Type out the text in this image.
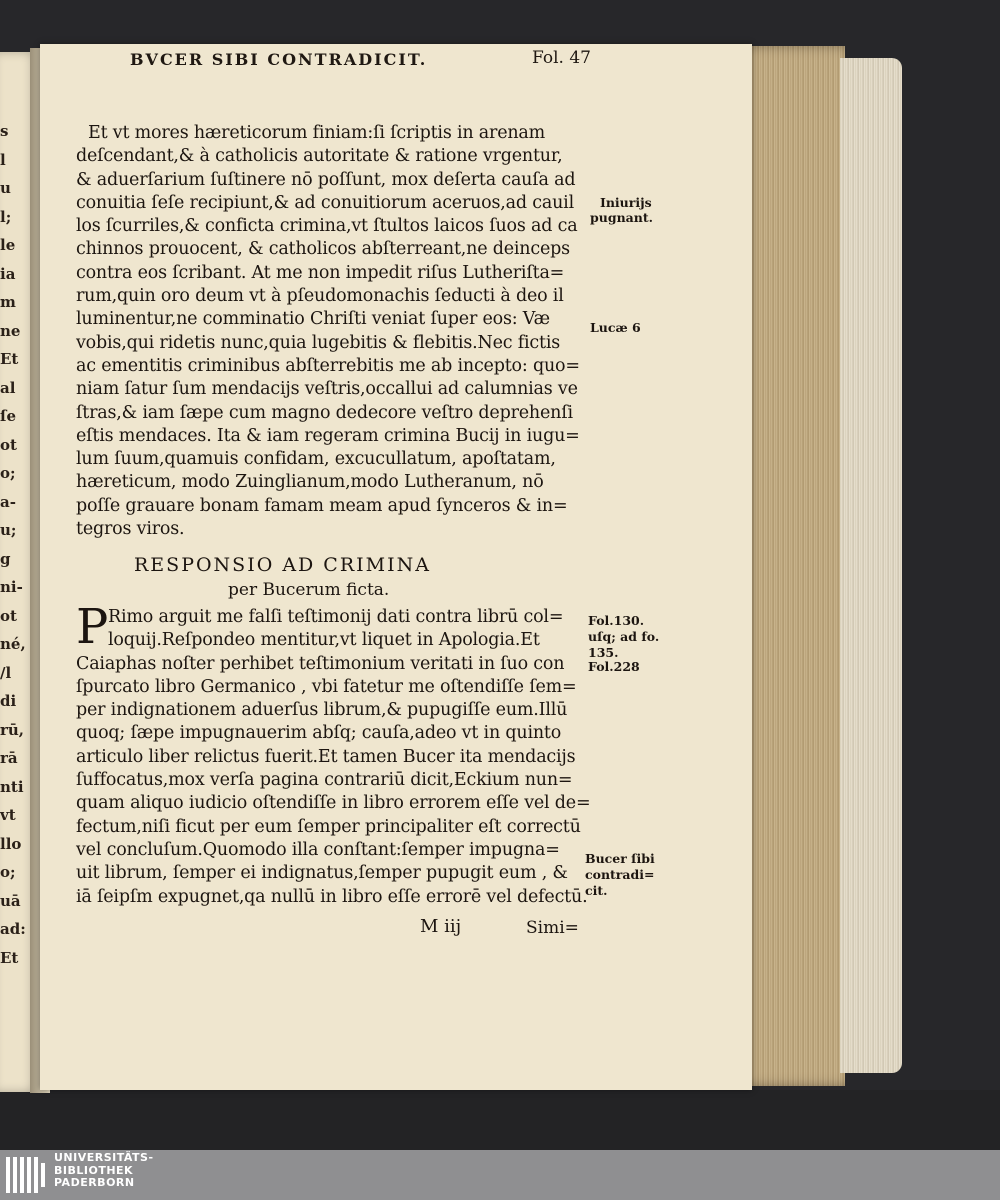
s
l
u
l;
le
ia
m
ne
Et
al
ſe
ot
o;
a-
u;
g
ni-
ot
né,
/l
di
rū,
rā
nti
vt
llo
o;
uā
ad:
Et
BVCER SIBI CONTRADICIT.	Fol. 47
Et vt mores hæreticorum finiam:ſi ſcriptis in arenam
deſcendant,& à catholicis autoritate & ratione vrgentur,
& aduerſarium ſuſtinere nō poſſunt, mox deſerta cauſa ad
conuitia ſeſe recipiunt,& ad conuitiorum aceruos,ad cauil
los ſcurriles,& confiсta crimina,vt ſtultos laicos ſuos ad ca
chinnos prouocent, & catholicos abſterreant,ne deinceps
contra eos ſcribant. At me non impedit riſus Lutheriſta=
rum,quin oro deum vt à pſeudomonachis ſeducti à deo il
luminentur,ne comminatio Chriſti veniat ſuper eos: Væ
vobis,qui ridetis nunc,quia lugebitis & flebitis.Nec fictis
ac ementitis criminibus abſterrebitis me ab incepto: quo=
niam ſatur ſum mendacijs veſtris,occallui ad calumnias ve
ſtras,& iam ſæpe cum magno dedecore veſtro deprehenſi
eſtis mendaces. Ita & iam regeram crimina Bucij in iugu=
lum ſuum,quamuis confidam, excucullatum, apoſtatam,
hæreticum, modo Zuinglianum,modo Lutheranum, nō
poſſe grauare bonam famam meam apud ſynceros & in=
tegros viros.
RESPONSIO AD CRIMINA
per Bucerum ficta.
P Rimo arguit me falſi teſtimonij dati contra librū col=
loquij.Reſpondeo mentitur,vt liquet in Apologia.Et
Caiaphas noſter perhibet teſtimonium veritati in ſuo con
ſpurcato libro Germanico , vbi fatetur me oſtendiſſe ſem=
per indignationem aduerſus librum,& pupugiſſe eum.Illū
quoq; ſæpe impugnauerim abſq; cauſa,adeo vt in quinto
articulo liber relictus fuerit.Et tamen Bucer ita mendacijs
ſuffocatus,mox verſa pagina contrariū dicit,Eckium nun=
quam aliquo iudicio oſtendiſſe in libro errorem eſſe vel de=
fectum,niſi ficut per eum ſemper principaliter eſt correctū
vel concluſum.Quomodo illa conſtant:ſemper impugna=
uit librum, ſemper ei indignatus,ſemper pupugit eum , &
iā ſeipſm expugnet,qa nullū in libro eſſe errorē vel defectū.
Iniurijs
pugnant.
Lucæ 6
Fol.130.
uſq; ad fo.
135.
Fol.228
Bucer ſibi
contradi=
cit.
M iij	Simi=
UNIVERSITÄTS-
BIBLIOTHEK
PADERBORN
